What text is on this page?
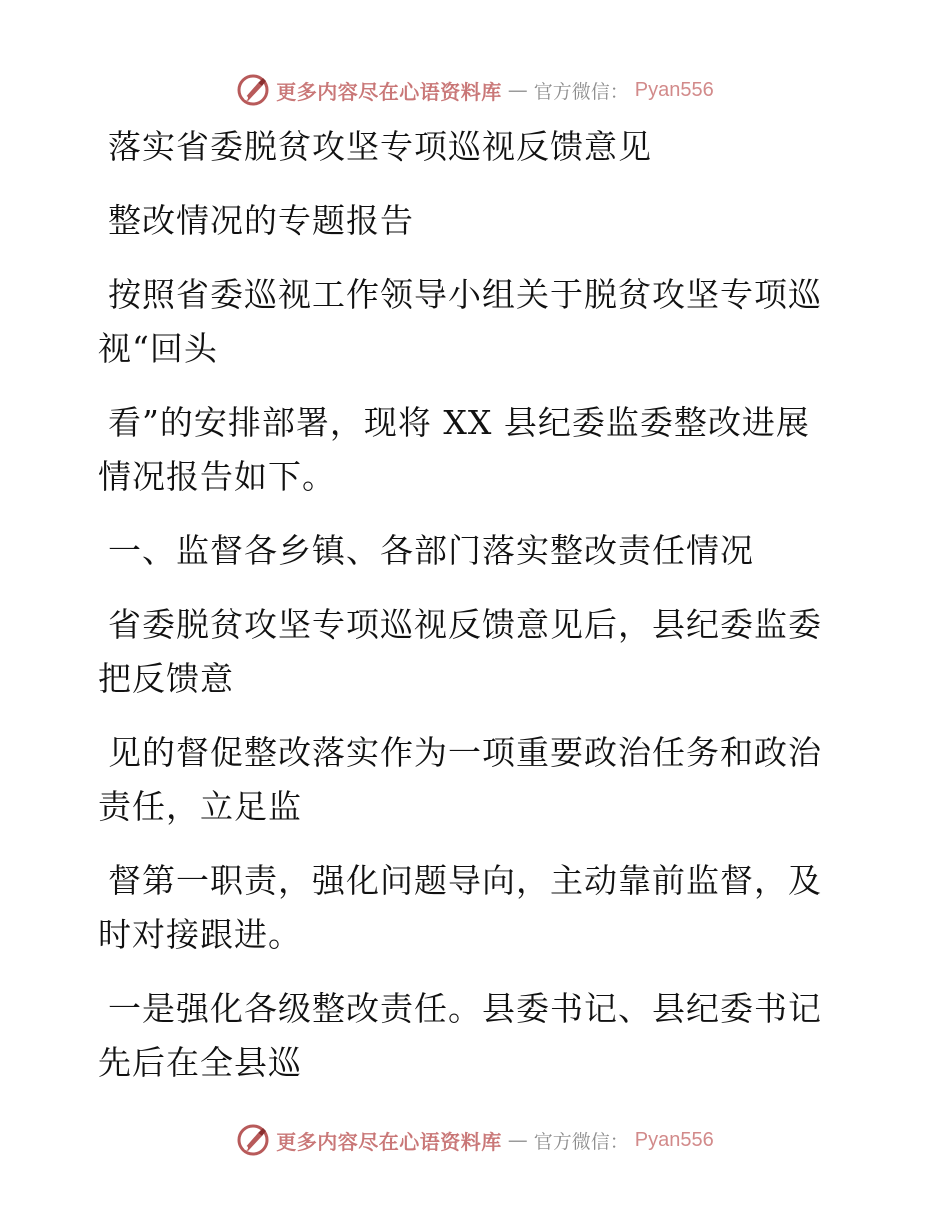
更多内容尽在心语资料库 — 官方微信： Pyan556
落实省委脱贫攻坚专项巡视反馈意见
整改情况的专题报告
按照省委巡视工作领导小组关于脱贫攻坚专项巡
视“回头
看”的安排部署，现将 XX 县纪委监委整改进展
情况报告如下。
一、监督各乡镇、各部门落实整改责任情况
省委脱贫攻坚专项巡视反馈意见后，县纪委监委
把反馈意
见的督促整改落实作为一项重要政治任务和政治
责任，立足监
督第一职责，强化问题导向，主动靠前监督，及
时对接跟进。
一是强化各级整改责任。县委书记、县纪委书记
先后在全县巡
更多内容尽在心语资料库 — 官方微信： Pyan556
